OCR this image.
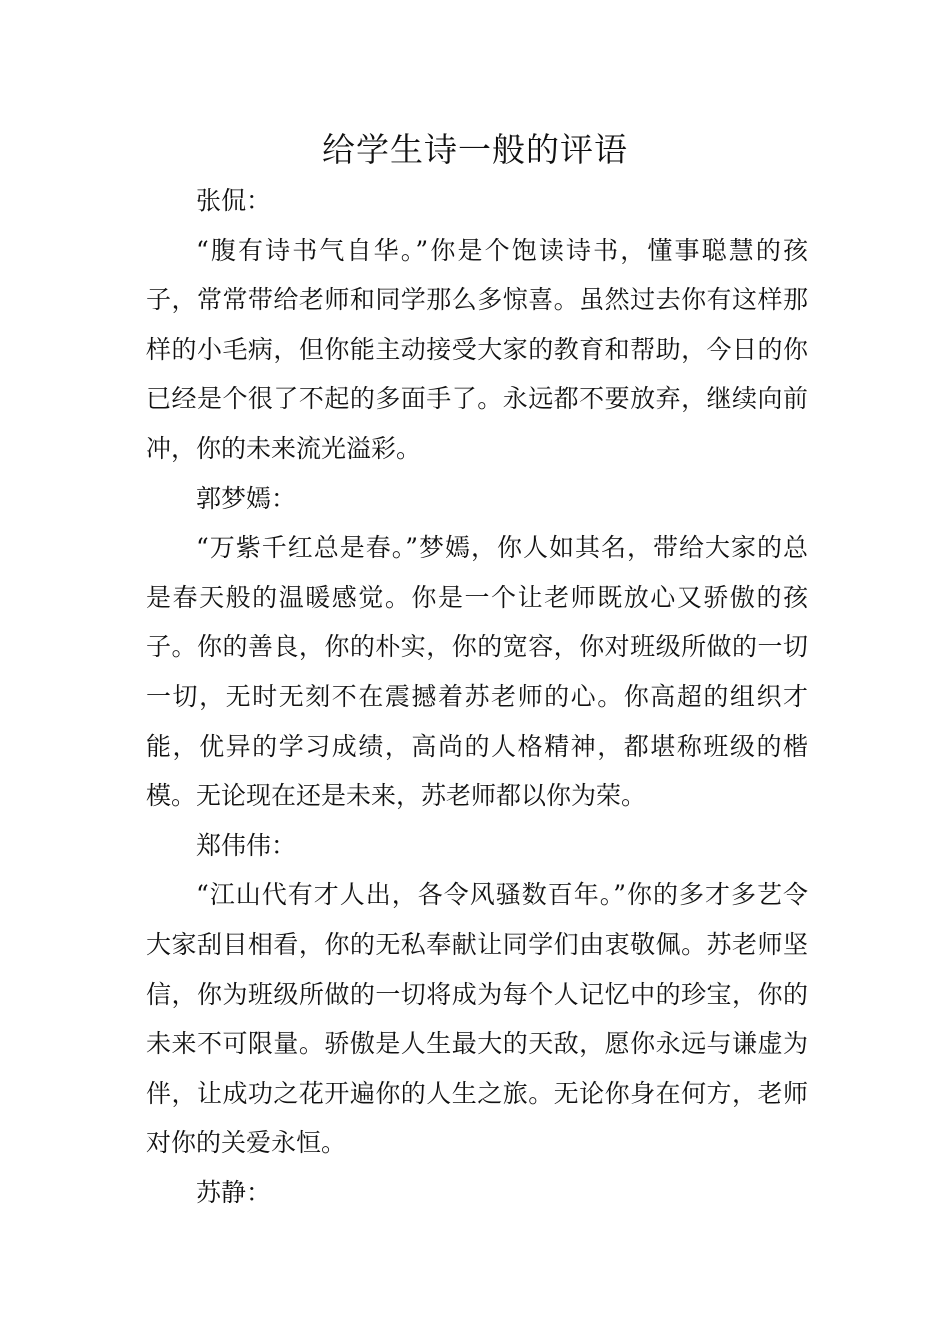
给学生诗一般的评语

张侃：

“腹有诗书气自华。”你是个饱读诗书，懂事聪慧的孩子，常常带给老师和同学那么多惊喜。虽然过去你有这样那样的小毛病，但你能主动接受大家的教育和帮助，今日的你已经是个很了不起的多面手了。永远都不要放弃，继续向前冲，你的未来流光溢彩。

郭梦嫣：

“万紫千红总是春。”梦嫣，你人如其名，带给大家的总是春天般的温暖感觉。你是一个让老师既放心又骄傲的孩子。你的善良，你的朴实，你的宽容，你对班级所做的一切一切，无时无刻不在震撼着苏老师的心。你高超的组织才能，优异的学习成绩，高尚的人格精神，都堪称班级的楷模。无论现在还是未来，苏老师都以你为荣。

郑伟伟：

“江山代有才人出，各令风骚数百年。”你的多才多艺令大家刮目相看，你的无私奉献让同学们由衷敬佩。苏老师坚信，你为班级所做的一切将成为每个人记忆中的珍宝，你的未来不可限量。骄傲是人生最大的天敌，愿你永远与谦虚为伴，让成功之花开遍你的人生之旅。无论你身在何方，老师对你的关爱永恒。

苏静：
